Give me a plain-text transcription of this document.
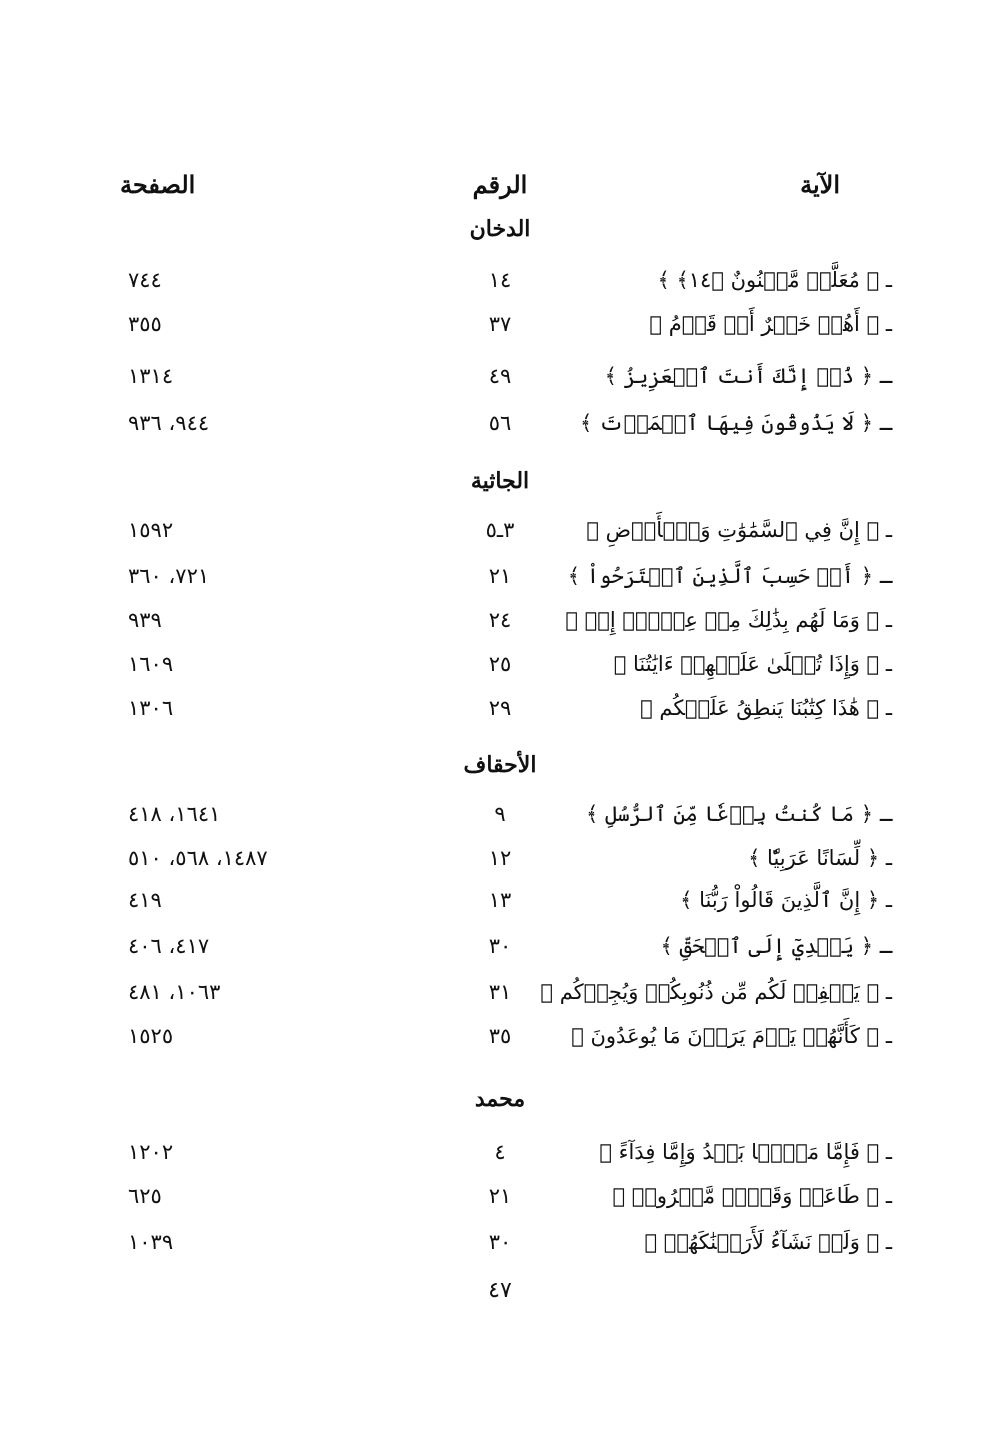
الآية
الرقم
الصفحة
الدخان
ـ ﴿ مُعَلَّمٞ مَّجۡنُونٌ ﴿١٤﴾ ﴾
١٤
٧٤٤
ـ ﴿ أَهُمۡ خَيۡرٌ أَمۡ قَوۡمُ ﴾
٣٧
٣٥٥
ـ ﴿ ذُقۡ إِنَّكَ أَنتَ ٱلۡعَزِيزُ ﴾
٤٩
١٣١٤
ـ ﴿ لَا يَذُوقُونَ فِيهَا ٱلۡمَوۡتَ ﴾
٥٦
٩٤٤، ٩٣٦
الجاثية
ـ ﴿ إِنَّ فِي ٱلسَّمَٰوَٰتِ وَٱلۡأَرۡضِ ﴾
٣ـ٥
١٥٩٢
ـ ﴿ أَمۡ حَسِبَ ٱلَّذِينَ ٱجۡتَرَحُواْ ﴾
٢١
٧٢١، ٣٦٠
ـ ﴿ وَمَا لَهُم بِذَٰلِكَ مِنۡ عِلۡمٍۖ إِنۡ ﴾
٢٤
٩٣٩
ـ ﴿ وَإِذَا تُتۡلَىٰ عَلَيۡهِمۡ ءَايَٰتُنَا ﴾
٢٥
١٦٠٩
ـ ﴿ هَٰذَا كِتَٰبُنَا يَنطِقُ عَلَيۡكُم ﴾
٢٩
١٣٠٦
الأحقاف
ـ ﴿ مَا كُنتُ بِدۡعٗا مِّنَ ٱلرُّسُلِ ﴾
٩
١٦٤١، ٤١٨
ـ ﴿ لِّسَانًا عَرَبِيّٗا ﴾
١٢
١٤٨٧، ٥٦٨، ٥١٠
ـ ﴿ إِنَّ ٱلَّذِينَ قَالُواْ رَبُّنَا ﴾
١٣
٤١٩
ـ ﴿ يَهۡدِيٓ إِلَى ٱلۡحَقِّ ﴾
٣٠
٤١٧، ٤٠٦
ـ ﴿ يَغۡفِرۡ لَكُم مِّن ذُنُوبِكُمۡ وَيُجِرۡكُم ﴾
٣١
١٠٦٣، ٤٨١
ـ ﴿ كَأَنَّهُمۡ يَوۡمَ يَرَوۡنَ مَا يُوعَدُونَ ﴾
٣٥
١٥٢٥
محمد
ـ ﴿ فَإِمَّا مَنَّۢا بَعۡدُ وَإِمَّا فِدَآءً ﴾
٤
١٢٠٢
ـ ﴿ طَاعَةٞ وَقَوۡلٞ مَّعۡرُوفٞ ﴾
٢١
٦٢٥
ـ ﴿ وَلَوۡ نَشَآءُ لَأَرَيۡنَٰكَهُمۡ ﴾
٣٠
١٠٣٩
٤٧
